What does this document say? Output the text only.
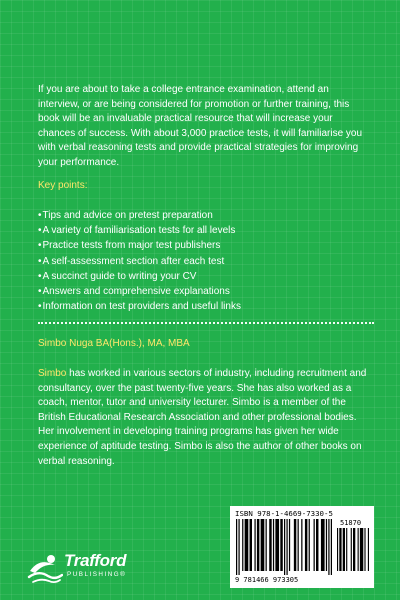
If you are about to take a college entrance examination, attend an interview, or are being considered for promotion or further training, this book will be an invaluable practical resource that will increase your chances of success. With about 3,000 practice tests, it will familiarise you with verbal reasoning tests and provide practical strategies for improving your performance.

Key points:
•Tips and advice on pretest preparation
•A variety of familiarisation tests for all levels
•Practice tests from major test publishers
•A self-assessment section after each test
•A succinct guide to writing your CV
•Answers and comprehensive explanations
•Information on test providers and useful links
Simbo Nuga BA(Hons.), MA, MBA

Simbo has worked in various sectors of industry, including recruitment and consultancy, over the past twenty-five years. She has also worked as a coach, mentor, tutor and university lecturer. Simbo is a member of the British Educational Research Association and other professional bodies. Her involvement in developing training programs has given her wide experience of aptitude testing. Simbo is also the author of other books on verbal reasoning.

ISBN 978-1-4669-7330-5
51870
9 781466 973305
Trafford
PUBLISHING®
